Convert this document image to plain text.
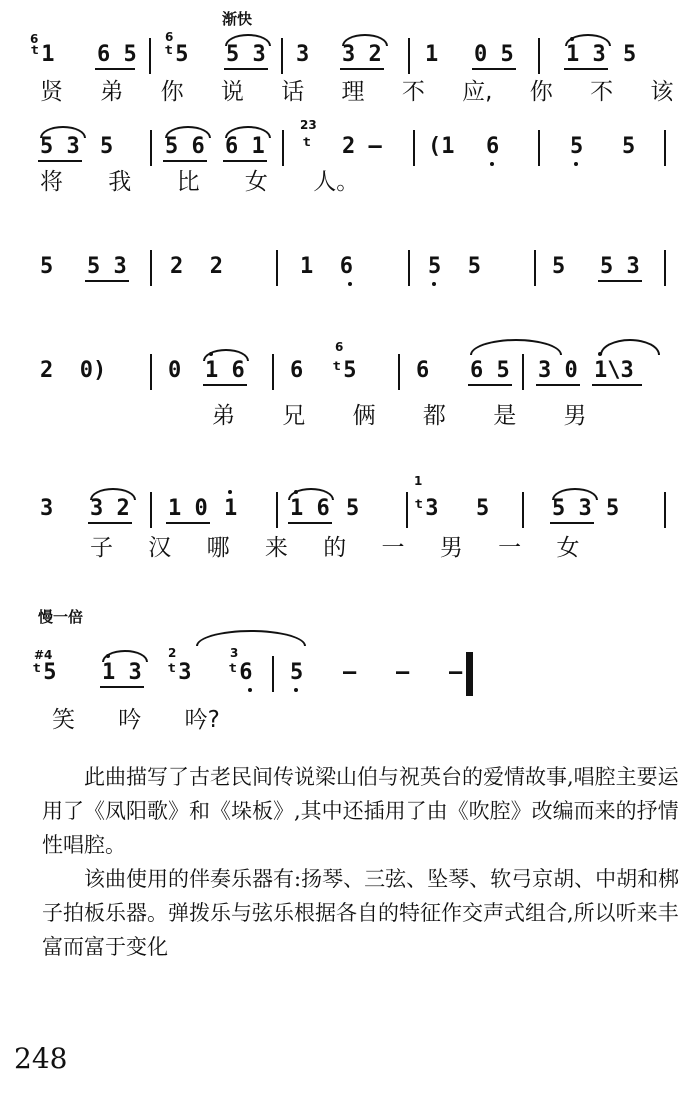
渐快
慢一倍
6
ᵗ1 6 5
6
ᵗ5 5 3 3 3 2 1 0 5 1 3 5
贤 弟 你 说 话 理 不 应, 你 不 该
5 3 5 5 6 6 1
23
ᵗ 2 — (1 6	5 5
将 我 比 女 人。
5 5 3 2  2	1  6	5  5	5 5 3
2  0)	0 1 6 6
6
ᵗ5	6 6 5 3 0 1\3
弟 兄 俩 都 是 男
3 3 2 1 0 1 1 6 5
1
ᵗ3 5	5 3 5
子 汉 哪 来 的 一 男 一 女
#4
ᵗ5 1 3
2
ᵗ3
3
ᵗ6 5   —   —   —
笑 吟 吟?
此曲描写了古老民间传说梁山伯与祝英台的爱情故事,唱腔主要运用了《凤阳歌》和《垛板》,其中还插用了由《吹腔》改编而来的抒情性唱腔。
该曲使用的伴奏乐器有:扬琴、三弦、坠琴、软弓京胡、中胡和梆子拍板乐器。弹拨乐与弦乐根据各自的特征作交声式组合,所以听来丰富而富于变化
248
